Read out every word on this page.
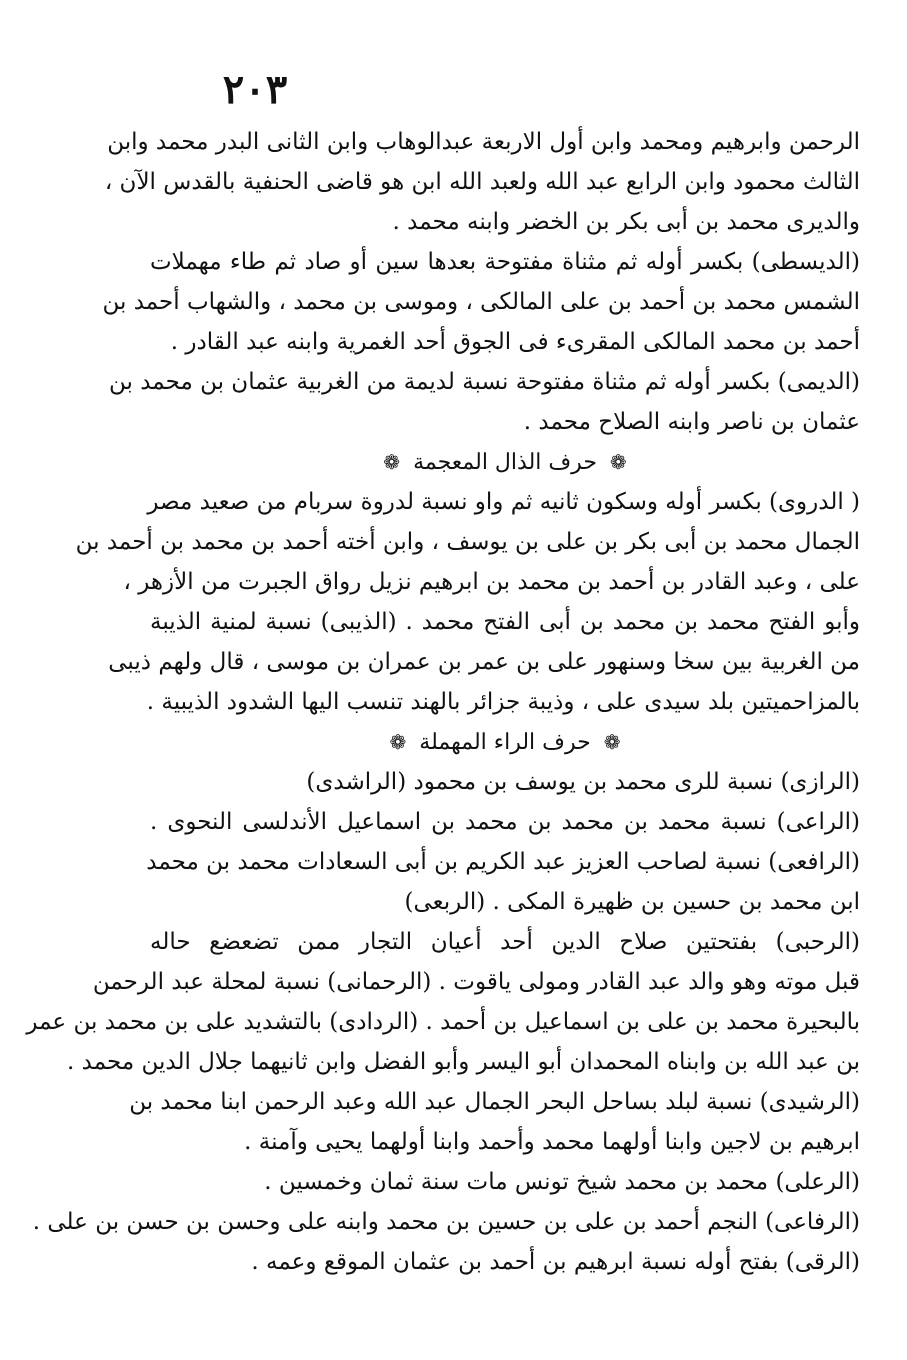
٢٠٣
الرحمن وابرهيم ومحمد وابن أول الاربعة عبدالوهاب وابن الثانى البدر محمد وابن
الثالث محمود وابن الرابع عبد الله ولعبد الله ابن هو قاضى الحنفية بالقدس الآن ،
والديرى محمد بن أبى بكر بن الخضر وابنه محمد .
(الديسطى) بكسر أوله ثم مثناة مفتوحة بعدها سين أو صاد ثم طاء مهملات
الشمس محمد بن أحمد بن على المالكى ، وموسى بن محمد ، والشهاب أحمد بن
أحمد بن محمد المالكى المقرىء فى الجوق أحد الغمرية وابنه عبد القادر .
(الديمى) بكسر أوله ثم مثناة مفتوحة نسبة لديمة من الغربية عثمان بن محمد بن
عثمان بن ناصر وابنه الصلاح محمد .
❁ حرف الذال المعجمة ❁
( الدروى) بكسر أوله وسكون ثانيه ثم واو نسبة لدروة سربام من صعيد مصر
الجمال محمد بن أبى بكر بن على بن يوسف ، وابن أخته أحمد بن محمد بن أحمد بن
على ، وعبد القادر بن أحمد بن محمد بن ابرهيم نزيل رواق الجبرت من الأزهر ،
وأبو الفتح محمد بن محمد بن أبى الفتح محمد . (الذيبى) نسبة لمنية الذيبة
من الغربية بين سخا وسنهور على بن عمر بن عمران بن موسى ، قال ولهم ذيبى
بالمزاحميتين بلد سيدى على ، وذيبة جزائر بالهند تنسب اليها الشدود الذيبية .
❁ حرف الراء المهملة ❁
(الرازى) نسبة للرى محمد بن يوسف بن محمود (الراشدى)
(الراعى) نسبة محمد بن محمد بن محمد بن اسماعيل الأندلسى النحوى .
(الرافعى) نسبة لصاحب العزيز عبد الكريم بن أبى السعادات محمد بن محمد
ابن محمد بن حسين بن ظهيرة المكى . (الربعى)
(الرحبى) بفتحتين صلاح الدين أحد أعيان التجار ممن تضعضع حاله
قبل موته وهو والد عبد القادر ومولى ياقوت . (الرحمانى) نسبة لمحلة عبد الرحمن
بالبحيرة محمد بن على بن اسماعيل بن أحمد . (الردادى) بالتشديد على بن محمد بن عمر
بن عبد الله بن وابناه المحمدان أبو اليسر وأبو الفضل وابن ثانيهما جلال الدين محمد .
(الرشيدى) نسبة لبلد بساحل البحر الجمال عبد الله وعبد الرحمن ابنا محمد بن
ابرهيم بن لاجين وابنا أولهما محمد وأحمد وابنا أولهما يحيى وآمنة .
(الرعلى) محمد بن محمد شيخ تونس مات سنة ثمان وخمسين .
(الرفاعى) النجم أحمد بن على بن حسين بن محمد وابنه على وحسن بن حسن بن على .
(الرقى) بفتح أوله نسبة ابرهيم بن أحمد بن عثمان الموقع وعمه .
